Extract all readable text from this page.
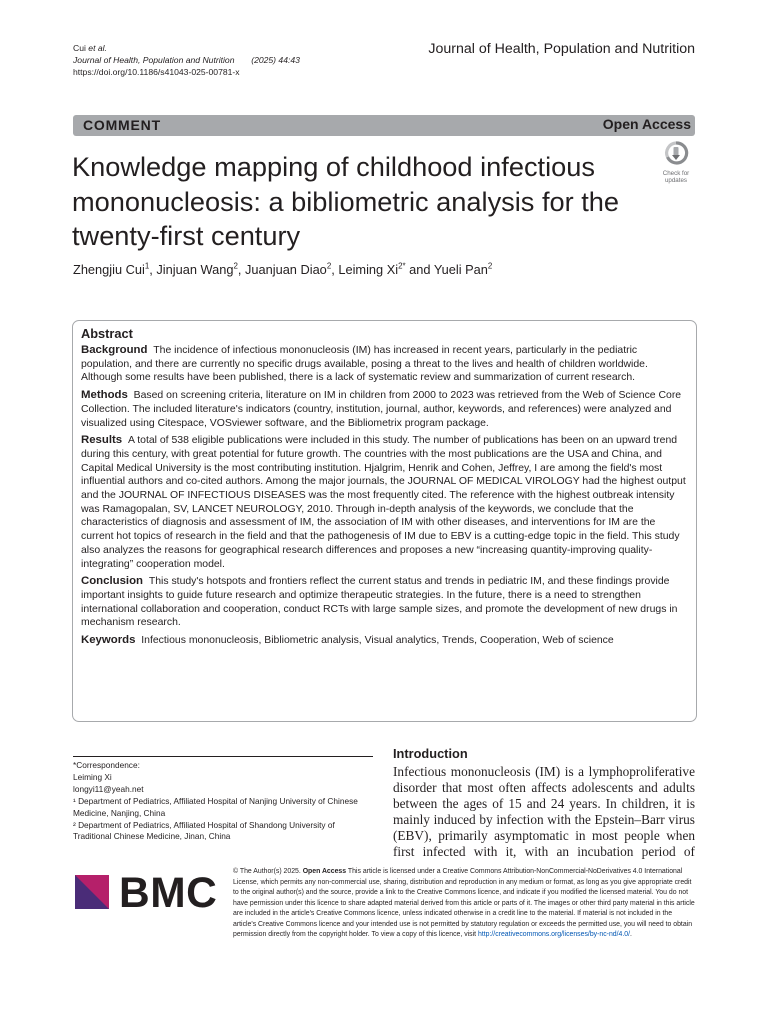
Cui et al.
Journal of Health, Population and Nutrition (2025) 44:43
https://doi.org/10.1186/s41043-025-00781-x
Journal of Health, Population and Nutrition
COMMENT	Open Access
Knowledge mapping of childhood infectious mononucleosis: a bibliometric analysis for the twenty-first century
Check for updates
Zhengjiu Cui$^1$, Jinjuan Wang$^2$, Juanjuan Diao$^2$, Leiming $Xi^{2*}$ and Yueli Pan$^2$
Abstract

Background The incidence of infectious mononucleosis (IM) has increased in recent years, particularly in the pediatric population, and there are currently no specific drugs available, posing a threat to the lives and health of children worldwide. Although some results have been published, there is a lack of systematic review and summarization of current research.

Methods Based on screening criteria, literature on IM in children from 2000 to 2023 was retrieved from the Web of Science Core Collection. The included literature's indicators (country, institution, journal, author, keywords, and references) were analyzed and visualized using Citespace, VOSviewer software, and the Bibliometrix program package.

Results A total of 538 eligible publications were included in this study. The number of publications has been on an upward trend during this century, with great potential for future growth. The countries with the most publications are the USA and China, and Capital Medical University is the most contributing institution. Hjalgrim, Henrik and Cohen, Jeffrey, I are among the field's most influential authors and co-cited authors. Among the major journals, the JOURNAL OF MEDICAL VIROLOGY had the highest output and the JOURNAL OF INFECTIOUS DISEASES was the most frequently cited. The reference with the highest outbreak intensity was Ramagopalan, SV, LANCET NEUROLOGY, 2010. Through in-depth analysis of the keywords, we conclude that the characteristics of diagnosis and assessment of IM, the association of IM with other diseases, and interventions for IM are the current hot topics of research in the field and that the pathogenesis of IM due to EBV is a cutting-edge topic in the field. This study also analyzes the reasons for geographical research differences and proposes a new “increasing quantity-improving quality-integrating” cooperation model.

Conclusion This study's hotspots and frontiers reflect the current status and trends in pediatric IM, and these findings provide important insights to guide future research and optimize therapeutic strategies. In the future, there is a need to strengthen international collaboration and cooperation, conduct RCTs with large sample sizes, and promote the development of new drugs in mechanism research.

Keywords Infectious mononucleosis, Bibliometric analysis, Visual analytics, Trends, Cooperation, Web of science

*Correspondence:
Leiming Xi
longyi11@yeah.net
¹ Department of Pediatrics, Affiliated Hospital of Nanjing University of Chinese Medicine, Nanjing, China
² Department of Pediatrics, Affiliated Hospital of Shandong University of Traditional Chinese Medicine, Jinan, China
Introduction

Infectious mononucleosis (IM) is a lymphoproliferative disorder that most often affects adolescents and adults between the ages of 15 and 24 years. In children, it is mainly induced by infection with the Epstein–Barr virus (EBV), primarily asymptomatic in most people when first infected with it, with an incubation period of

BMC © The Author(s) 2025. Open Access This article is licensed under a Creative Commons Attribution-NonCommercial-NoDerivatives 4.0 International License, which permits any non-commercial use, sharing, distribution and reproduction in any medium or format, as long as you give appropriate credit to the original author(s) and the source, provide a link to the Creative Commons licence, and indicate if you modified the licensed material. You do not have permission under this licence to share adapted material derived from this article or parts of it. The images or other third party material in this article are included in the article's Creative Commons licence, unless indicated otherwise in a credit line to the material. If material is not included in the article's Creative Commons licence and your intended use is not permitted by statutory regulation or exceeds the permitted use, you will need to obtain permission directly from the copyright holder. To view a copy of this licence, visit http://creativecommons.org/licenses/by-nc-nd/4.0/.
